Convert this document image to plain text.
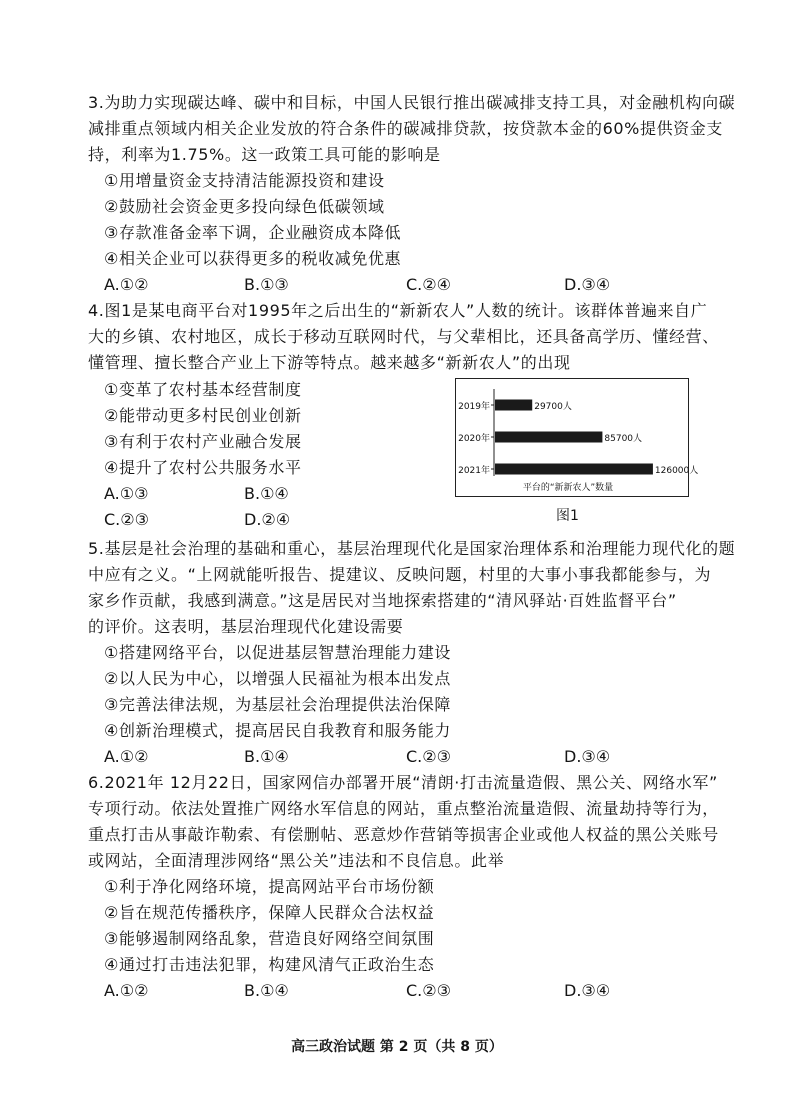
3.为助力实现碳达峰、碳中和目标，中国人民银行推出碳减排支持工具，对金融机构向碳
减排重点领域内相关企业发放的符合条件的碳减排贷款，按贷款本金的60%提供资金支
持，利率为1.75%。这一政策工具可能的影响是
①用增量资金支持清洁能源投资和建设
②鼓励社会资金更多投向绿色低碳领域
③存款准备金率下调，企业融资成本降低
④相关企业可以获得更多的税收减免优惠
A.①②	B.①③	C.②④	D.③④
4.图1是某电商平台对1995年之后出生的“新新农人”人数的统计。该群体普遍来自广
大的乡镇、农村地区，成长于移动互联网时代，与父辈相比，还具备高学历、懂经营、
懂管理、擅长整合产业上下游等特点。越来越多“新新农人”的出现
①变革了农村基本经营制度
②能带动更多村民创业创新
③有利于农村产业融合发展
④提升了农村公共服务水平
A.①③	B.①④
C.②③	D.②④
2019年	29700人
2020年	85700人
2021年	126000人
平台的“新新农人”数量
图1
5.基层是社会治理的基础和重心，基层治理现代化是国家治理体系和治理能力现代化的题
中应有之义。“上网就能听报告、提建议、反映问题，村里的大事小事我都能参与，为
家乡作贡献，我感到满意。”这是居民对当地探索搭建的“清风驿站·百姓监督平台”
的评价。这表明，基层治理现代化建设需要
①搭建网络平台，以促进基层智慧治理能力建设
②以人民为中心，以增强人民福祉为根本出发点
③完善法律法规，为基层社会治理提供法治保障
④创新治理模式，提高居民自我教育和服务能力
A.①②	B.①④	C.②③	D.③④
6.2021年 12月22日，国家网信办部署开展“清朗·打击流量造假、黑公关、网络水军”
专项行动。依法处置推广网络水军信息的网站，重点整治流量造假、流量劫持等行为，
重点打击从事敲诈勒索、有偿删帖、恶意炒作营销等损害企业或他人权益的黑公关账号
或网站，全面清理涉网络“黑公关”违法和不良信息。此举
①利于净化网络环境，提高网站平台市场份额
②旨在规范传播秩序，保障人民群众合法权益
③能够遏制网络乱象，营造良好网络空间氛围
④通过打击违法犯罪，构建风清气正政治生态
A.①②	B.①④	C.②③	D.③④
高三政治试题 第 2 页（共 8 页）
